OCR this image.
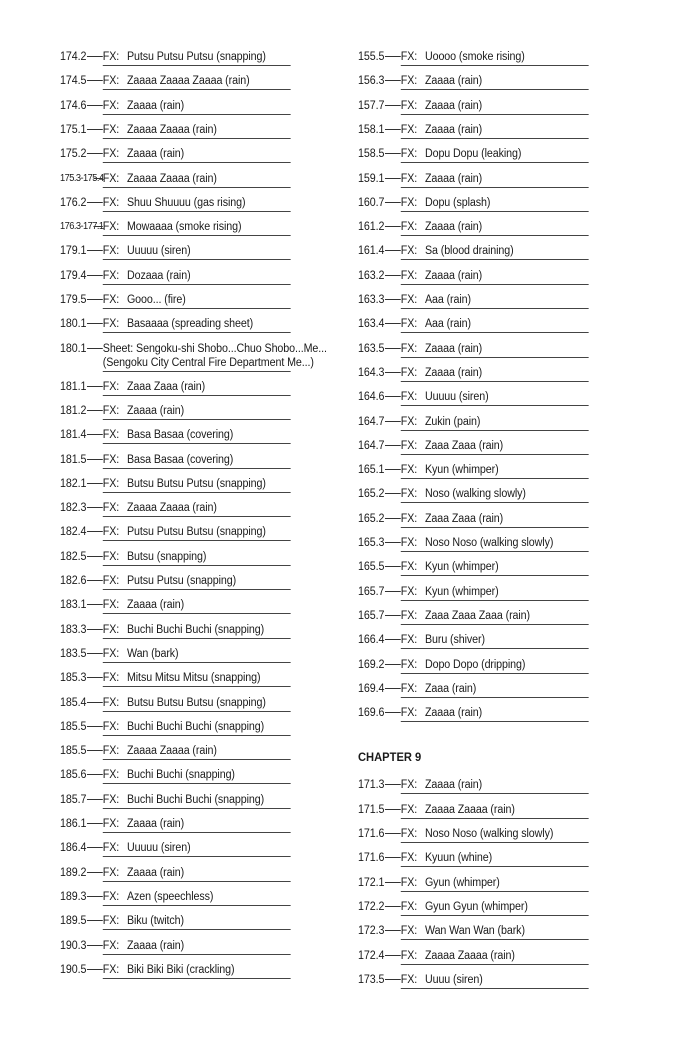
174.2 FX: Putsu Putsu Putsu (snapping)
174.5 FX: Zaaaa Zaaaa Zaaaa (rain)
174.6 FX: Zaaaa (rain)
175.1 FX: Zaaaa Zaaaa (rain)
175.2 FX: Zaaaa (rain)
175.3-175.4 FX: Zaaaa Zaaaa (rain)
176.2 FX: Shuu Shuuuu (gas rising)
176.3-177.1 FX: Mowaaaa (smoke rising)
179.1 FX: Uuuuu (siren)
179.4 FX: Dozaaa (rain)
179.5 FX: Gooo... (fire)
180.1 FX: Basaaaa (spreading sheet)
180.1 Sheet: Sengoku-shi Shobo...Chuo Shobo...Me...
(Sengoku City Central Fire Department Me...)
181.1 FX: Zaaa Zaaa (rain)
181.2 FX: Zaaaa (rain)
181.4 FX: Basa Basaa (covering)
181.5 FX: Basa Basaa (covering)
182.1 FX: Butsu Butsu Putsu (snapping)
182.3 FX: Zaaaa Zaaaa (rain)
182.4 FX: Putsu Putsu Butsu (snapping)
182.5 FX: Butsu (snapping)
182.6 FX: Putsu Putsu (snapping)
183.1 FX: Zaaaa (rain)
183.3 FX: Buchi Buchi Buchi (snapping)
183.5 FX: Wan (bark)
185.3 FX: Mitsu Mitsu Mitsu (snapping)
185.4 FX: Butsu Butsu Butsu (snapping)
185.5 FX: Buchi Buchi Buchi (snapping)
185.5 FX: Zaaaa Zaaaa (rain)
185.6 FX: Buchi Buchi (snapping)
185.7 FX: Buchi Buchi Buchi (snapping)
186.1 FX: Zaaaa (rain)
186.4 FX: Uuuuu (siren)
189.2 FX: Zaaaa (rain)
189.3 FX: Azen (speechless)
189.5 FX: Biku (twitch)
190.3 FX: Zaaaa (rain)
190.5 FX: Biki Biki Biki (crackling)
CHAPTER 9
155.5 FX: Uoooo (smoke rising)
156.3 FX: Zaaaa (rain)
157.7 FX: Zaaaa (rain)
158.1 FX: Zaaaa (rain)
158.5 FX: Dopu Dopu (leaking)
159.1 FX: Zaaaa (rain)
160.7 FX: Dopu (splash)
161.2 FX: Zaaaa (rain)
161.4 FX: Sa (blood draining)
163.2 FX: Zaaaa (rain)
163.3 FX: Aaa (rain)
163.4 FX: Aaa (rain)
163.5 FX: Zaaaa (rain)
164.3 FX: Zaaaa (rain)
164.6 FX: Uuuuu (siren)
164.7 FX: Zukin (pain)
164.7 FX: Zaaa Zaaa (rain)
165.1 FX: Kyun (whimper)
165.2 FX: Noso (walking slowly)
165.2 FX: Zaaa Zaaa (rain)
165.3 FX: Noso Noso (walking slowly)
165.5 FX: Kyun (whimper)
165.7 FX: Kyun (whimper)
165.7 FX: Zaaa Zaaa Zaaa (rain)
166.4 FX: Buru (shiver)
169.2 FX: Dopo Dopo (dripping)
169.4 FX: Zaaa (rain)
169.6 FX: Zaaaa (rain)
171.3 FX: Zaaaa (rain)
171.5 FX: Zaaaa Zaaaa (rain)
171.6 FX: Noso Noso (walking slowly)
171.6 FX: Kyuun (whine)
172.1 FX: Gyun (whimper)
172.2 FX: Gyun Gyun (whimper)
172.3 FX: Wan Wan Wan (bark)
172.4 FX: Zaaaa Zaaaa (rain)
173.5 FX: Uuuu (siren)
